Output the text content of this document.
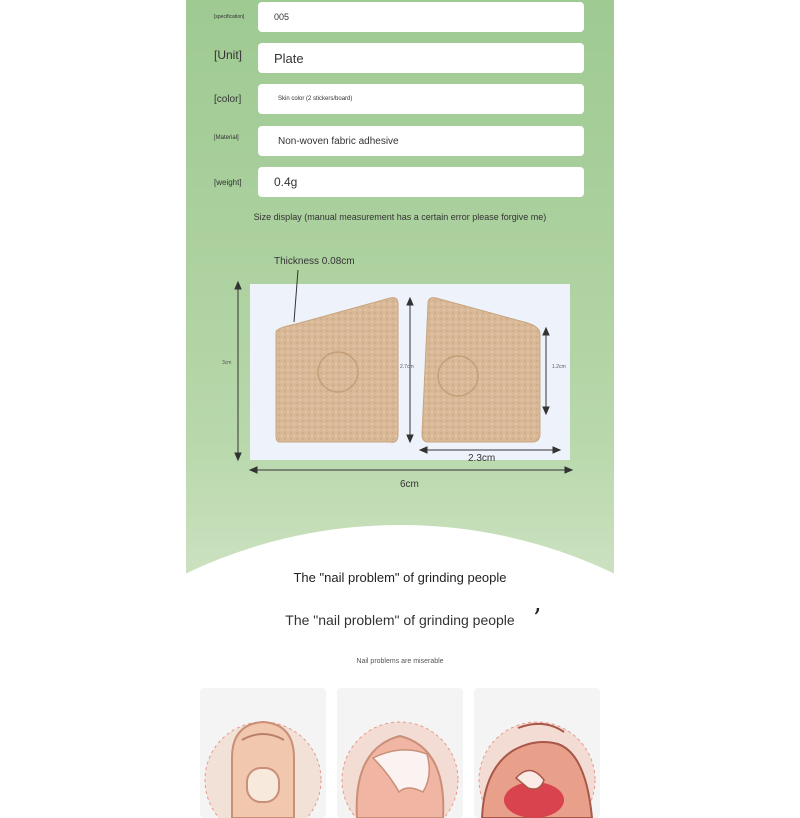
[specification]	005
[Unit]	Plate
[color]	Skin color (2 stickers/board)
[Material]	Non-woven fabric adhesive
[weight]	0.4g
Size display (manual measurement has a certain error please forgive me)
Thickness 0.08cm
3cm
2.7cm	1.2cm
2.3cm
6cm
The "nail problem" of grinding people
The "nail problem" of grinding people ’
Nail problems are miserable
